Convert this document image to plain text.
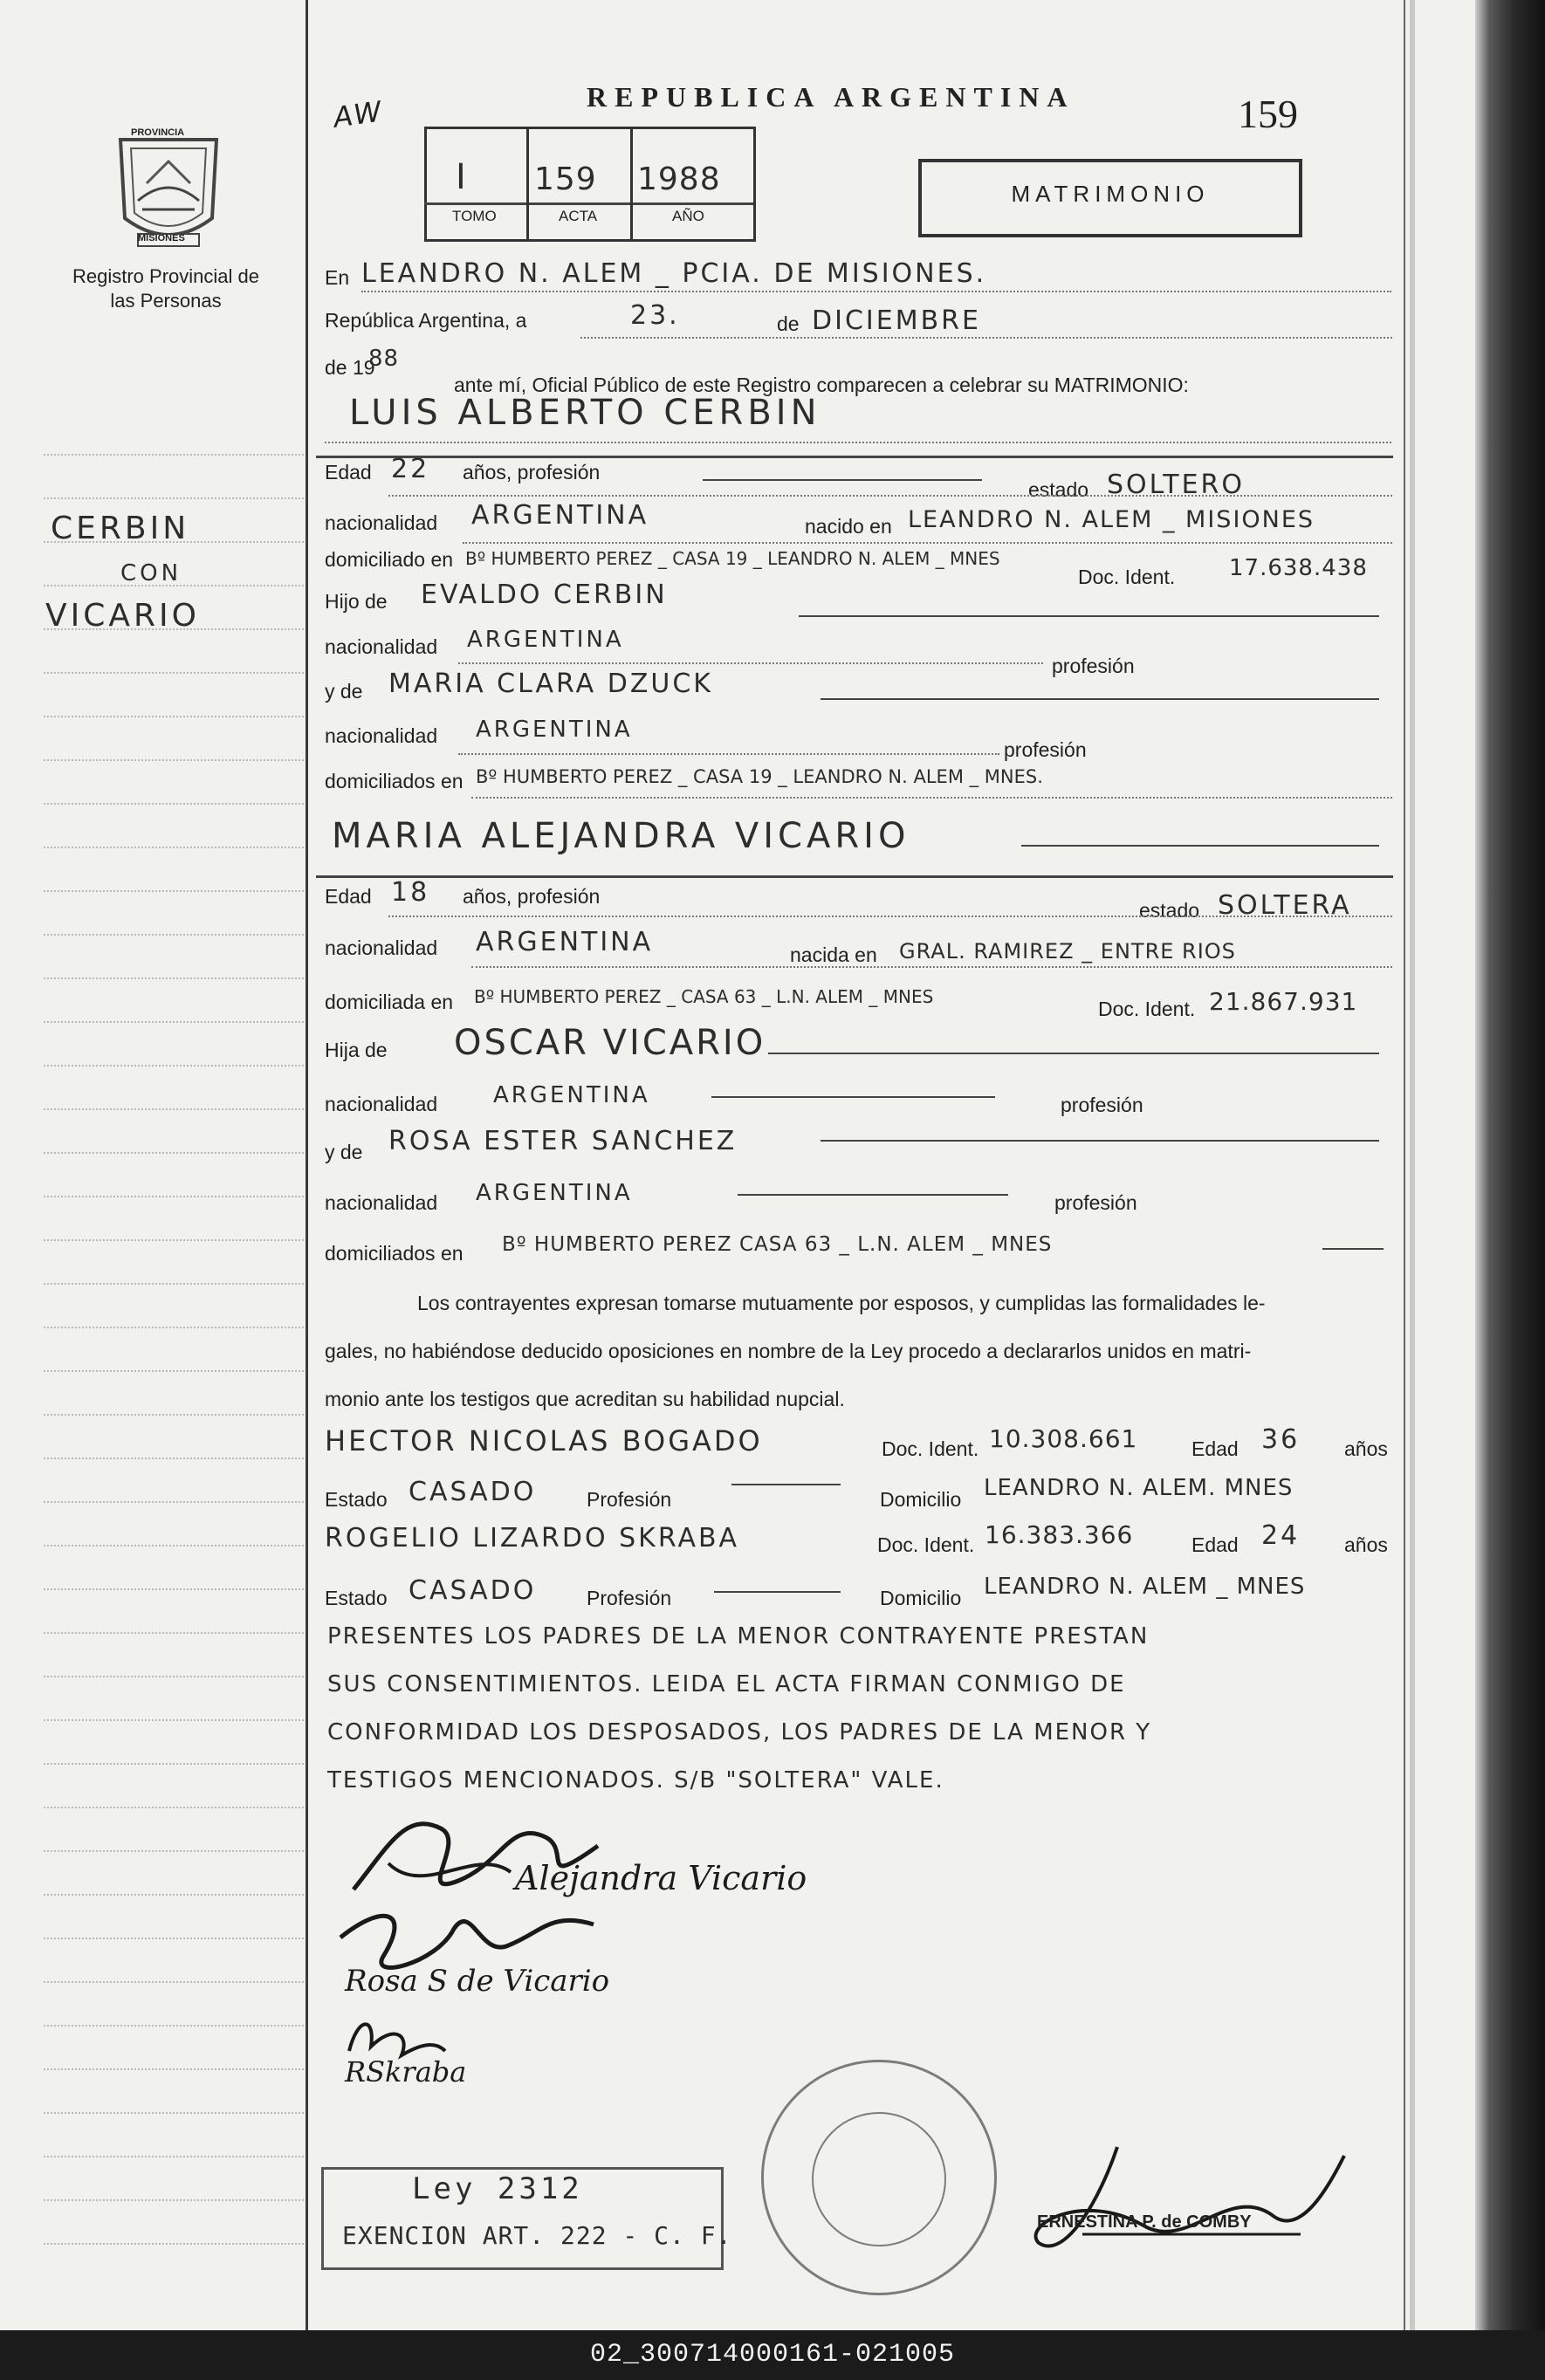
PROVINCIA
MISIONES
Registro Provincial de las Personas
AW	REPUBLICA ARGENTINA	159
I 159 1988
TOMO	ACTA	AÑO
MATRIMONIO
CERBIN
CON
VICARIO
En LEANDRO N. ALEM _ PCIA. DE MISIONES.
República Argentina, a	23.	de DICIEMBRE
de 19
88
ante mí, Oficial Público de este Registro comparecen a celebrar su MATRIMONIO:
LUIS ALBERTO CERBIN
Edad 22 años, profesión
estado SOLTERO
nacionalidad ARGENTINA	nacido en LEANDRO N. ALEM _ MISIONES
domiciliado en Bº HUMBERTO PEREZ _ CASA 19 _ LEANDRO N. ALEM _ MNES
Doc. Ident. 17.638.438
Hijo de EVALDO CERBIN
nacionalidad ARGENTINA
profesión
y de MARIA CLARA DZUCK
nacionalidad ARGENTINA
profesión
domiciliados en Bº HUMBERTO PEREZ _ CASA 19 _ LEANDRO N. ALEM _ MNES.
MARIA ALEJANDRA VICARIO
Edad 18 años, profesión
estado SOLTERA
nacionalidad ARGENTINA	nacida en GRAL. RAMIREZ _ ENTRE RIOS
domiciliada en Bº HUMBERTO PEREZ _ CASA 63 _ L.N. ALEM _ MNES
Doc. Ident. 21.867.931
Hija de OSCAR VICARIO
nacionalidad ARGENTINA	profesión
y de ROSA ESTER SANCHEZ
nacionalidad ARGENTINA	profesión
domiciliados en Bº HUMBERTO PEREZ CASA 63 _ L.N. ALEM _ MNES
Los contrayentes expresan tomarse mutuamente por esposos, y cumplidas las formalidades le-
gales, no habiéndose deducido oposiciones en nombre de la Ley procedo a declararlos unidos en matri-
monio ante los testigos que acreditan su habilidad nupcial.
HECTOR NICOLAS BOGADO	Doc. Ident. 10.308.661	Edad 36 años
Estado CASADO	Profesión	Domicilio LEANDRO N. ALEM. MNES
ROGELIO LIZARDO SKRABA	Doc. Ident. 16.383.366	Edad 24 años
Estado CASADO	Profesión	Domicilio LEANDRO N. ALEM _ MNES
PRESENTES LOS PADRES DE LA MENOR CONTRAYENTE PRESTAN
SUS CONSENTIMIENTOS. LEIDA EL ACTA FIRMAN CONMIGO DE
CONFORMIDAD LOS DESPOSADOS, LOS PADRES DE LA MENOR Y
TESTIGOS MENCIONADOS. S/B "SOLTERA" VALE.
Alejandra Vicario
Rosa S de Vicario
RSkraba
Ley 2312
EXENCION ART. 222 - C. F.	ERNESTINA P. de COMBY
02_300714000161-021005
